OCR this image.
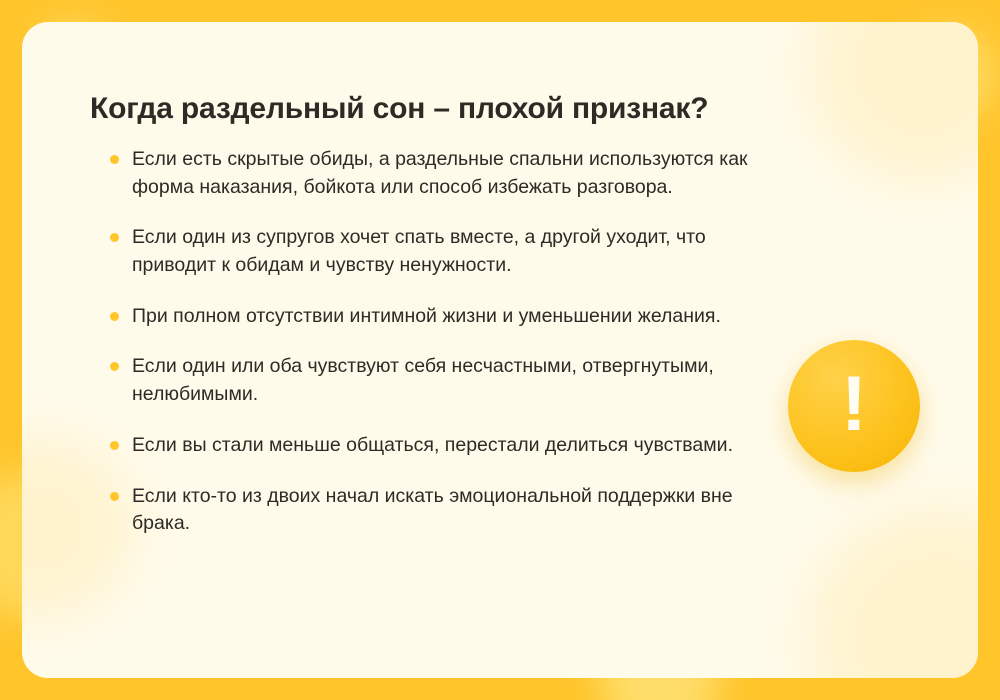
Когда раздельный сон – плохой признак?
Если есть скрытые обиды, а раздельные спальни используются как форма наказания, бойкота или способ избежать разговора.
Если один из супругов хочет спать вместе, а другой уходит, что приводит к обидам и чувству ненужности.
При полном отсутствии интимной жизни и уменьшении желания.
Если один или оба чувствуют себя несчастными, отвергнутыми, нелюбимыми.
Если вы стали меньше общаться, перестали делиться чувствами.
Если кто-то из двоих начал искать эмоциональной поддержки вне брака.
!
